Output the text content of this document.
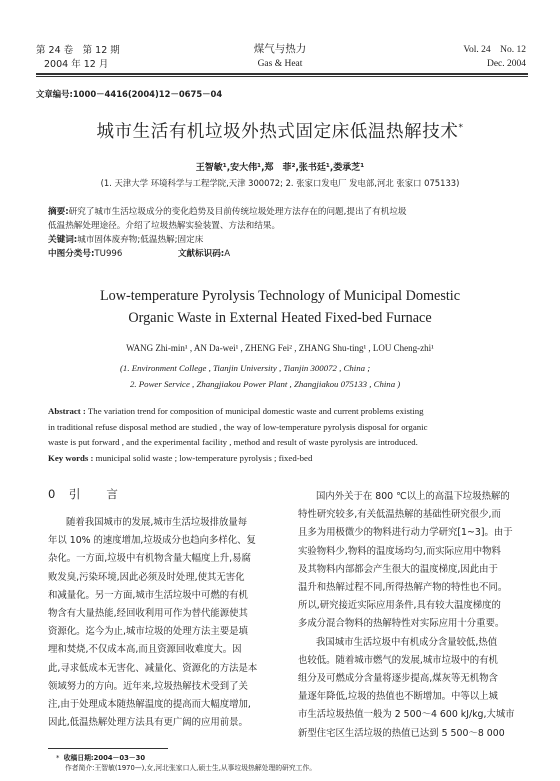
第 24 卷　第 12 期
2004 年 12 月
煤气与热力
Gas & Heat
Vol. 24　No. 12
Dec. 2004
文章编号:1000－4416(2004)12－0675－04
城市生活有机垃圾外热式固定床低温热解技术*
王智敏¹,安大伟¹,郑　菲²,张书廷¹,娄承芝¹
(1. 天津大学 环境科学与工程学院,天津 300072; 2. 张家口发电厂 发电部,河北 张家口 075133)
摘要:研究了城市生活垃圾成分的变化趋势及目前传统垃圾处理方法存在的问题,提出了有机垃圾
低温热解处理途径。介绍了垃圾热解实验装置、方法和结果。
关键词:城市固体废弃物;低温热解;固定床
中图分类号:TU996	文献标识码:A
Low-temperature Pyrolysis Technology of Municipal Domestic
Organic Waste in External Heated Fixed-bed Furnace
WANG Zhi-min¹ , AN Da-wei¹ , ZHENG Fei² , ZHANG Shu-ting¹ , LOU Cheng-zhi¹
(1. Environment College , Tianjin University , Tianjin 300072 , China ;
2. Power Service , Zhangjiakou Power Plant , Zhangjiakou 075133 , China )
Abstract : The variation trend for composition of municipal domestic waste and current problems existing
in traditional refuse disposal method are studied , the way of low-temperature pyrolysis disposal for organic
waste is put forward , and the experimental facility , method and result of waste pyrolysis are introduced.
Key words : municipal solid waste ; low-temperature pyrolysis ; fixed-bed
0　引　　言
随着我国城市的发展,城市生活垃圾排放量每
年以 10% 的速度增加,垃圾成分也趋向多样化、复
杂化。一方面,垃圾中有机物含量大幅度上升,易腐
败发臭,污染环境,因此必须及时处理,使其无害化
和减量化。另一方面,城市生活垃圾中可燃的有机
物含有大量热能,经回收利用可作为替代能源使其
资源化。迄今为止,城市垃圾的处理方法主要是填
埋和焚烧,不仅成本高,而且资源回收难度大。因
此,寻求低成本无害化、减量化、资源化的方法是本
领域努力的方向。近年来,垃圾热解技术受到了关
注,由于处理成本随热解温度的提高而大幅度增加,
因此,低温热解处理方法具有更广阔的应用前景。
国内外关于在 800 ℃以上的高温下垃圾热解的
特性研究较多,有关低温热解的基础性研究很少,而
且多为用极微少的物料进行动力学研究[1~3]。由于
实验物料少,物料的温度场均匀,而实际应用中物料
及其物料内部都会产生很大的温度梯度,因此由于
温升和热解过程不同,所得热解产物的特性也不同。
所以,研究接近实际应用条件,具有较大温度梯度的
多成分混合物料的热解特性对实际应用十分重要。
我国城市生活垃圾中有机成分含量较低,热值
也较低。随着城市燃气的发展,城市垃圾中的有机
组分及可燃成分含量将逐步提高,煤灰等无机物含
量逐年降低,垃圾的热值也不断增加。中等以上城
市生活垃圾热值一般为 2 500～4 600 kJ/kg,大城市
新型住宅区生活垃圾的热值已达到 5 500～8 000
* 收稿日期:2004－03－30
作者简介:王智敏(1970—),女,河北张家口人,硕士生,从事垃圾热解处理的研究工作。
